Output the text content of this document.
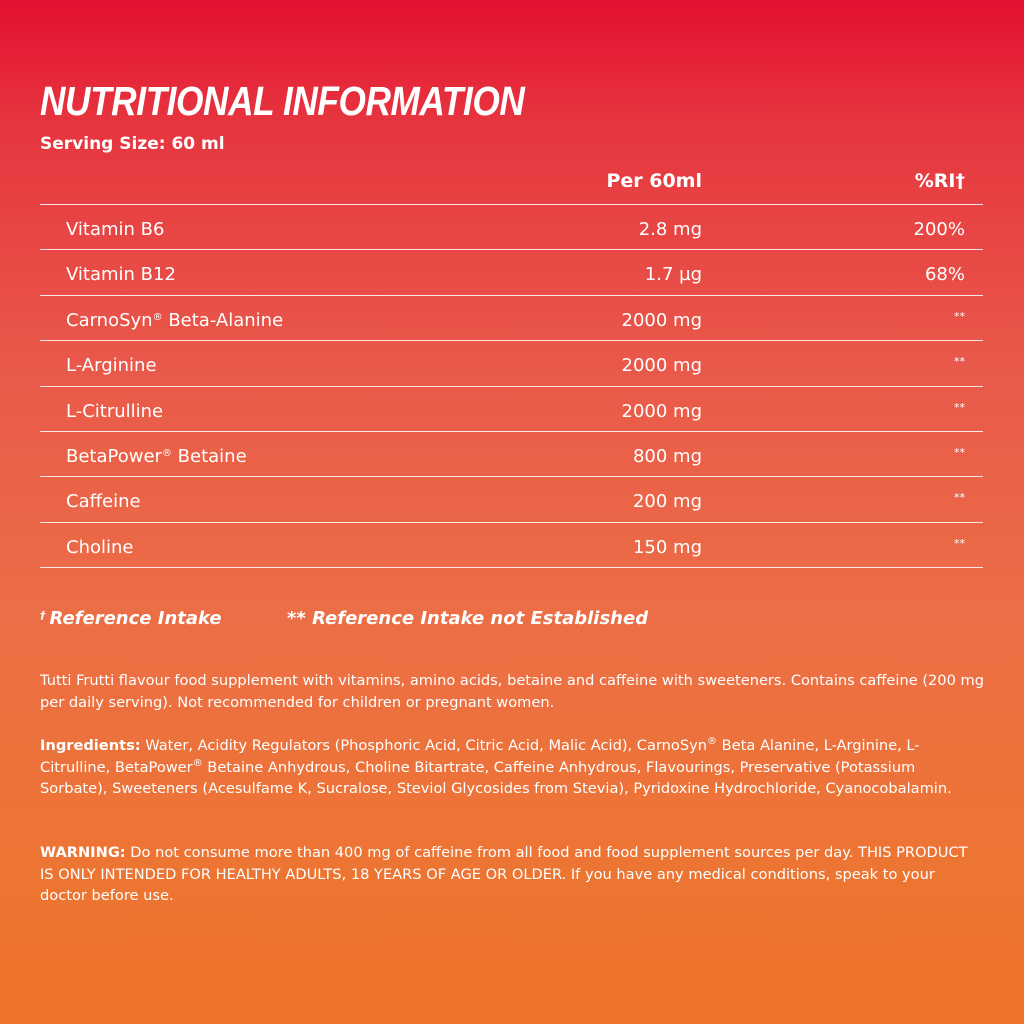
NUTRITIONAL INFORMATION
Serving Size: 60 ml
Per 60ml	%RI†
Vitamin B6	2.8 mg	200%
Vitamin B12	1.7 µg	68%
CarnoSyn® Beta-Alanine	2000 mg	**
L-Arginine	2000 mg	**
L-Citrulline	2000 mg	**
BetaPower® Betaine	800 mg	**
Caffeine	200 mg	**
Choline	150 mg	**
† Reference Intake	** Reference Intake not Established
Tutti Frutti flavour food supplement with vitamins, amino acids, betaine and caffeine with sweeteners. Contains caffeine (200 mg per daily serving). Not recommended for children or pregnant women.
Ingredients: Water, Acidity Regulators (Phosphoric Acid, Citric Acid, Malic Acid), CarnoSyn® Beta Alanine, L-Arginine, L-Citrulline, BetaPower® Betaine Anhydrous, Choline Bitartrate, Caffeine Anhydrous, Flavourings, Preservative (Potassium Sorbate), Sweeteners (Acesulfame K, Sucralose, Steviol Glycosides from Stevia), Pyridoxine Hydrochloride, Cyanocobalamin.
WARNING: Do not consume more than 400 mg of caffeine from all food and food supplement sources per day. THIS PRODUCT IS ONLY INTENDED FOR HEALTHY ADULTS, 18 YEARS OF AGE OR OLDER. If you have any medical conditions, speak to your doctor before use.
